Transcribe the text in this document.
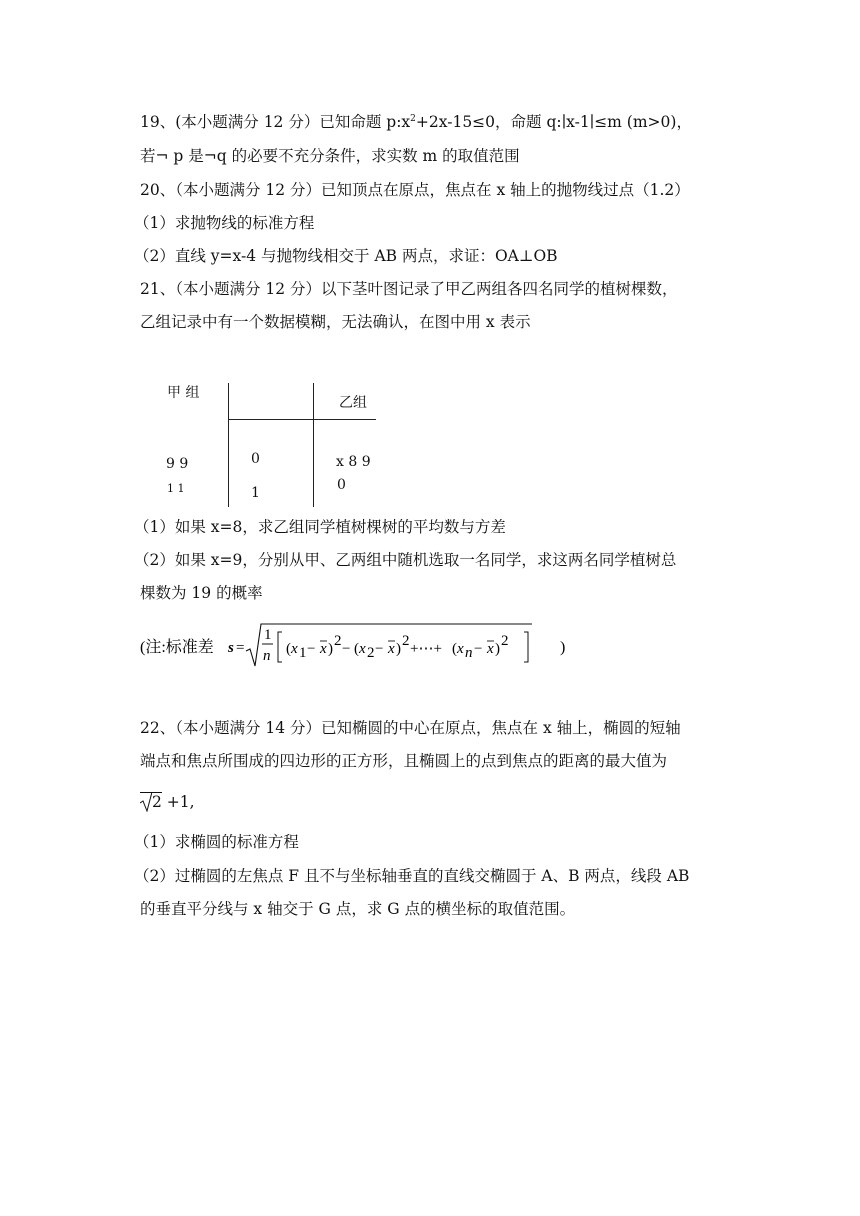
19、(本小题满分 12 分）已知命题 $p:x^2+2x-15\le 0$，命题 q:∣x-1∣≤m (m>0)，
若¬ p 是¬q 的必要不充分条件，求实数 m 的取值范围
20、（本小题满分 12 分）已知顶点在原点，焦点在 x 轴上的抛物线过点（1.2）
（1）求抛物线的标准方程
（2）直线 y=x-4 与抛物线相交于 AB 两点，求证：OA⊥OB
21、（本小题满分 12 分）以下茎叶图记录了甲乙两组各四名同学的植树棵数，
乙组记录中有一个数据模糊，无法确认，在图中用 x 表示
甲 组
乙组
9 9
1 1
0
1
x 8 9
0
（1）如果 x=8，求乙组同学植树棵树的平均数与方差
（2）如果 x=9，分别从甲、乙两组中随机选取一名同学，求这两名同学植树总
棵数为 19 的概率
(注:标准差 s =
1
n ( x 1 − x ) 2 − ( x 2 − x ) 2 +⋯+ ( x n − x ) 2	)
22、（本小题满分 14 分）已知椭圆的中心在原点，焦点在 x 轴上，椭圆的短轴
端点和焦点所围成的四边形的正方形，且椭圆上的点到焦点的距离的最大值为
2 +1,
（1）求椭圆的标准方程
（2）过椭圆的左焦点 F 且不与坐标轴垂直的直线交椭圆于 A、B 两点，线段 AB
的垂直平分线与 x 轴交于 G 点，求 G 点的横坐标的取值范围。
